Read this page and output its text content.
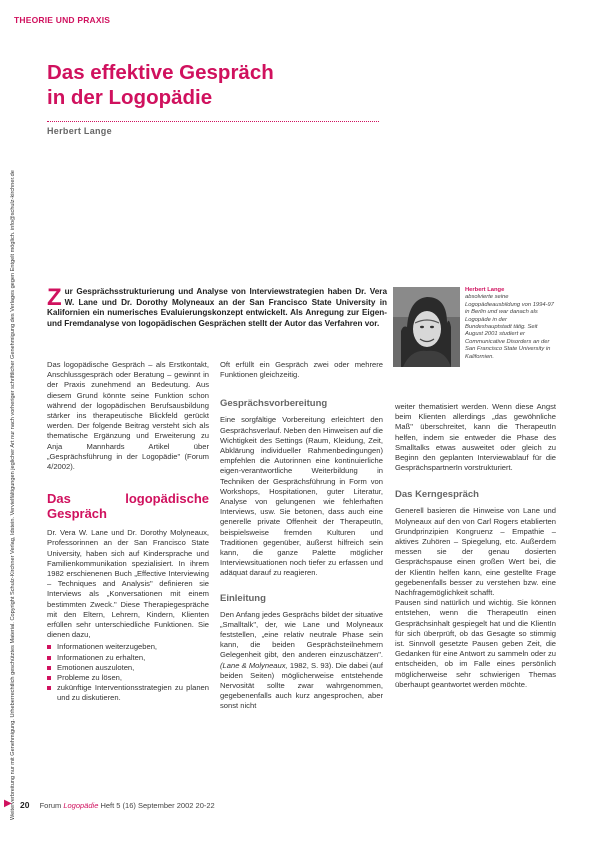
THEORIE UND PRAXIS
Weiterverbreitung nur mit Genehmigung. Urheberrechtlich geschütztes Material. Copyright Schulz-Kirchner Verlag, Idstein. Vervielfältigungen jeglicher Art nur nach vorheriger schriftlicher Genehmigung des Verlages gegen Entgelt möglich. info@schulz-kirchner.de
▶
Das effektive Gespräch
in der Logopädie
Herbert Lange
Zur Gesprächsstrukturierung und Analyse von Interviewstrategien haben Dr. Vera W. Lane und Dr. Dorothy Molyneaux an der San Francisco State University in Kalifornien ein numerisches Evaluierungskonzept entwickelt. Als Anregung zur Eigen- und Fremdanalyse von logopädischen Gesprächen stellt der Autor das Verfahren vor.
Herbert Lange
absolvierte seine Logopädieausbildung von 1994-97 in Berlin und war danach als Logopäde in der Bundeshauptstadt tätig. Seit August 2001 studiert er Communicative Disorders an der San Francisco State University in Kalifornien.

Das logopädische Gespräch – als Erstkontakt, Anschlussgespräch oder Beratung – gewinnt in der Praxis zunehmend an Bedeutung. Aus diesem Grund könnte seine Funktion schon während der logopädischen Berufsausbildung stärker ins therapeutische Blickfeld gerückt werden. Der folgende Beitrag versteht sich als thematische Ergänzung und Erweiterung zu Anja Mannhards Artikel über „Gesprächsführung in der Logopädie" (Forum 4/2002).

Das logopädische Gespräch

Dr. Vera W. Lane und Dr. Dorothy Molyneaux, Professorinnen an der San Francisco State University, haben sich auf Kindersprache und Familienkommunikation spezialisiert. In ihrem 1982 erschienenen Buch „Effective Interviewing – Techniques and Analysis" definieren sie Interviews als „Konversationen mit einem bestimmten Zweck." Diese Therapiegespräche mit den Eltern, Lehrern, Kindern, Klienten erfüllen sehr unterschiedliche Funktionen. Sie dienen dazu,

Informationen weiterzugeben,
Informationen zu erhalten,
Emotionen auszuloten,
Probleme zu lösen,
zukünftige Interventionsstrategien zu planen und zu diskutieren.

Oft erfüllt ein Gespräch zwei oder mehrere Funktionen gleichzeitig.

Gesprächsvorbereitung

Eine sorgfältige Vorbereitung erleichtert den Gesprächsverlauf. Neben den Hinweisen auf die Wichtigkeit des Settings (Raum, Kleidung, Zeit, Abklärung individueller Rahmenbedingungen) empfehlen die Autorinnen eine kontinuierliche eigen-verantwortliche Weiterbildung in Techniken der Gesprächsführung in Form von Workshops, Hospitationen, guter Literatur, Analyse von gelungenen wie fehlerhaften Interviews, usw. Sie betonen, dass auch eine generelle private Offenheit der TherapeutIn, beispielsweise fremden Kulturen und Traditionen gegenüber, äußerst hilfreich sein kann, die ganze Palette möglicher Interviewsituationen noch tiefer zu erfassen und adäquat darauf zu reagieren.

Einleitung

Den Anfang jedes Gesprächs bildet der situative „Smalltalk", der, wie Lane und Molyneaux feststellen, „eine relativ neutrale Phase sein kann, die beiden Gesprächsteilnehmern Gelegenheit gibt, den anderen einzuschätzen". (Lane & Molyneaux, 1982, S. 93). Die dabei (auf beiden Seiten) möglicherweise entstehende Nervosität sollte zwar wahrgenommen, gegebenenfalls auch kurz angesprochen, aber sonst nicht

weiter thematisiert werden. Wenn diese Angst beim Klienten allerdings „das gewöhnliche Maß" überschreitet, kann die TherapeutIn helfen, indem sie entweder die Phase des Smalltalks etwas ausweitet oder gleich zu Beginn den geplanten Interviewablauf für die GesprächspartnerIn vorstrukturiert.

Das Kerngespräch

Generell basieren die Hinweise von Lane und Molyneaux auf den von Carl Rogers etablierten Grundprinzipien Kongruenz – Empathie – aktives Zuhören – Spiegelung, etc. Außerdem messen sie der genau dosierten Gesprächspause einen großen Wert bei, die der KlientIn helfen kann, eine gestellte Frage gegebenenfalls besser zu verstehen bzw. eine Nachfragemöglichkeit schafft.

Pausen sind natürlich und wichtig. Sie können entstehen, wenn die TherapeutIn einen Gesprächsinhalt gespiegelt hat und die KlientIn für sich überprüft, ob das Gesagte so stimmig ist. Sinnvoll gesetzte Pausen geben Zeit, die Gedanken für eine Antwort zu sammeln oder zu entscheiden, ob im Falle eines persönlich möglicherweise sehr schwierigen Themas überhaupt geantwortet werden möchte.

20 Forum Logopädie Heft 5 (16) September 2002 20-22
